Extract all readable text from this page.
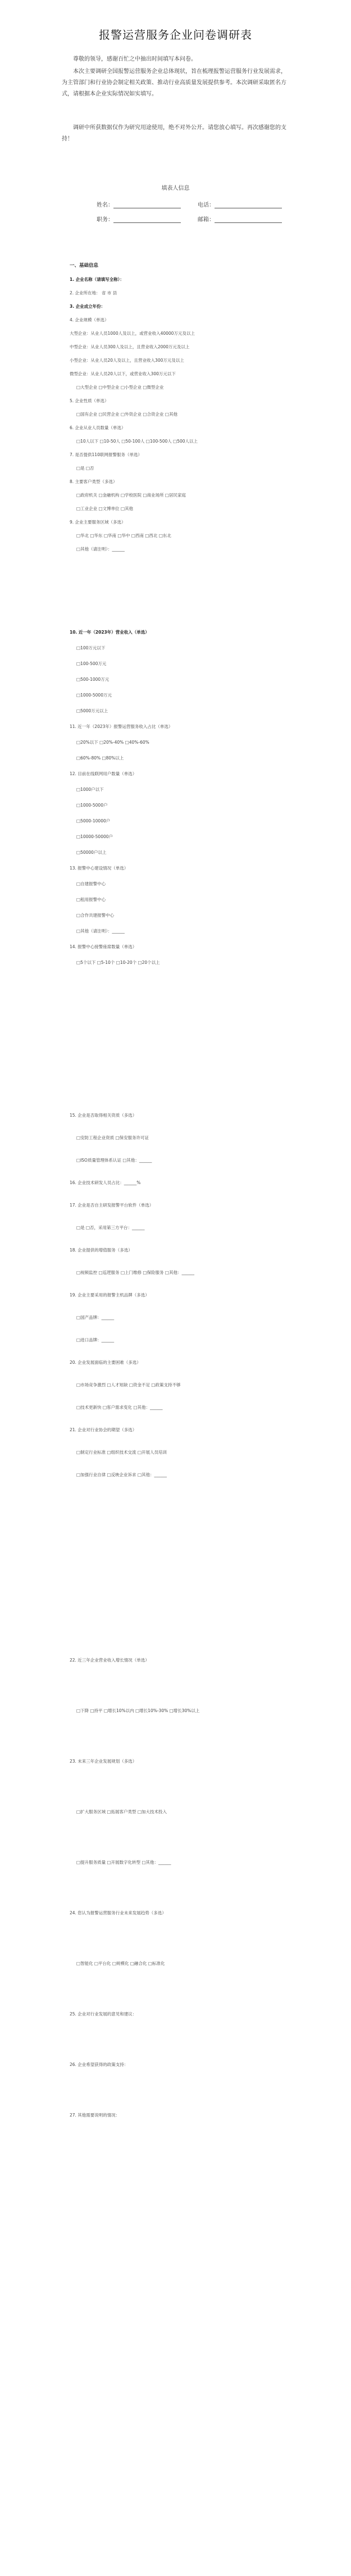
报警运营服务企业问卷调研表

尊敬的领导，感谢百忙之中抽出时间填写本问卷。

本次主要调研全国报警运营服务企业总体现状，旨在梳理报警运营服务行业发展需求，为主管部门和行业协会制定相关政策、推动行业高质量发展提供参考。本次调研采取匿名方式，请根据本企业实际情况如实填写。

调研中所获数据仅作为研究用途使用，绝不对外公开。请您放心填写。再次感谢您的支持！

填表人信息
姓名：	电话：
职务：	邮箱：
一、基础信息
1. 企业名称（请填写全称）：
2. 企业所在地： 省 市 县
3. 企业成立年份：
4. 企业规模（单选）
大型企业：从业人员1000人及以上，或营业收入40000万元及以上
中型企业：从业人员300人及以上，且营业收入2000万元及以上
小型企业：从业人员20人及以上，且营业收入300万元及以上
微型企业：从业人员20人以下，或营业收入300万元以下
□大型企业 □中型企业 □小型企业 □微型企业
5. 企业性质（单选）
□国有企业 □民营企业 □外资企业 □合资企业 □其他
6. 企业从业人员数量（单选）
□10人以下 □10-50人 □50-100人 □100-500人 □500人以上
7. 是否提供110联网报警服务（单选）
□是 □否
8. 主要客户类型（多选）
□政府机关 □金融机构 □学校医院 □商业场所 □居民家庭
□工业企业 □文博单位 □其他
9. 企业主要服务区域（多选）
□华北 □华东 □华南 □华中 □西南 □西北 □东北
□其他（请注明）：______
10. 近一年（2023年）营业收入（单选）
□100万元以下
□100-500万元
□500-1000万元
□1000-5000万元
□5000万元以上
11. 近一年（2023年）报警运营服务收入占比（单选）
□20%以下 □20%-40% □40%-60%
□60%-80% □80%以上
12. 目前在线联网用户数量（单选）
□1000户以下
□1000-5000户
□5000-10000户
□10000-50000户
□50000户以上
13. 报警中心建设情况（单选）
□自建报警中心
□租用报警中心
□合作共建报警中心
□其他（请注明）：______
14. 报警中心接警座席数量（单选）
□5个以下 □5-10个 □10-20个 □20个以上
15. 企业是否取得相关资质（多选）
□安防工程企业资质 □保安服务许可证
□ISO质量管理体系认证 □其他：______
16. 企业技术研发人员占比：______%
17. 企业是否自主研发报警平台软件（单选）
□是 □否，采用第三方平台：______
18. 企业提供的增值服务（多选）
□视频监控 □巡逻服务 □上门维修 □保险服务 □其他：______
19. 企业主要采用的报警主机品牌（多选）
□国产品牌：______
□进口品牌：______
20. 企业发展面临的主要困难（多选）
□市场竞争激烈 □人才短缺 □资金不足 □政策支持不够
□技术更新快 □客户需求变化 □其他：______
21. 企业对行业协会的期望（多选）
□制定行业标准 □组织技术交流 □开展人员培训
□加强行业自律 □反映企业诉求 □其他：______
22. 近三年企业营业收入增长情况（单选）
□下降 □持平 □增长10%以内 □增长10%-30% □增长30%以上
23. 未来三年企业发展规划（多选）
□扩大服务区域 □拓展客户类型 □加大技术投入
□提升服务质量 □开展数字化转型 □其他：______
24. 您认为报警运营服务行业未来发展趋势（多选）
□智能化 □平台化 □规模化 □融合化 □标准化
25. 企业对行业发展的意见和建议：
26. 企业希望获得的政策支持：
27. 其他需要说明的情况：
